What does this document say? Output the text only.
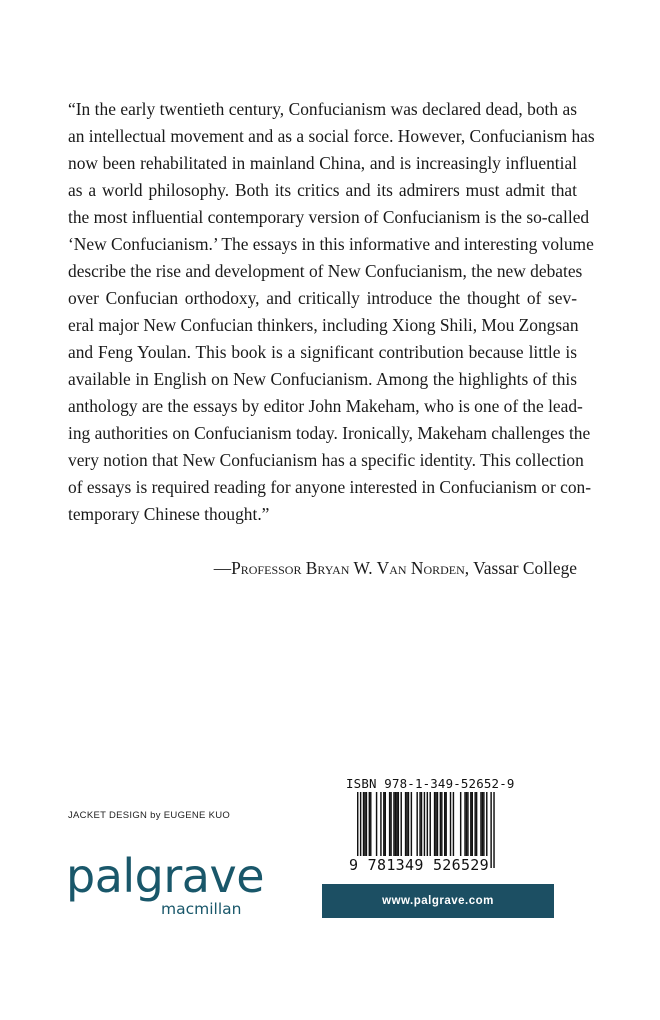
“In the early twentieth century, Confucianism was declared dead, both as
an intellectual movement and as a social force. However, Confucianism has
now been rehabilitated in mainland China, and is increasingly influential
as a world philosophy. Both its critics and its admirers must admit that
the most influential contemporary version of Confucianism is the so-called
‘New Confucianism.’ The essays in this informative and interesting volume
describe the rise and development of New Confucianism, the new debates
over Confucian orthodoxy, and critically introduce the thought of sev-
eral major New Confucian thinkers, including Xiong Shili, Mou Zongsan
and Feng Youlan. This book is a significant contribution because little is
available in English on New Confucianism. Among the highlights of this
anthology are the essays by editor John Makeham, who is one of the lead-
ing authorities on Confucianism today. Ironically, Makeham challenges the
very notion that New Confucianism has a specific identity. This collection
of essays is required reading for anyone interested in Confucianism or con-
temporary Chinese thought.”
—Professor Bryan W. Van Norden, Vassar College
JACKET DESIGN by EUGENE KUO
palgrave
macmillan
ISBN 978-1-349-52652-9
9 781349 526529
www.palgrave.com
